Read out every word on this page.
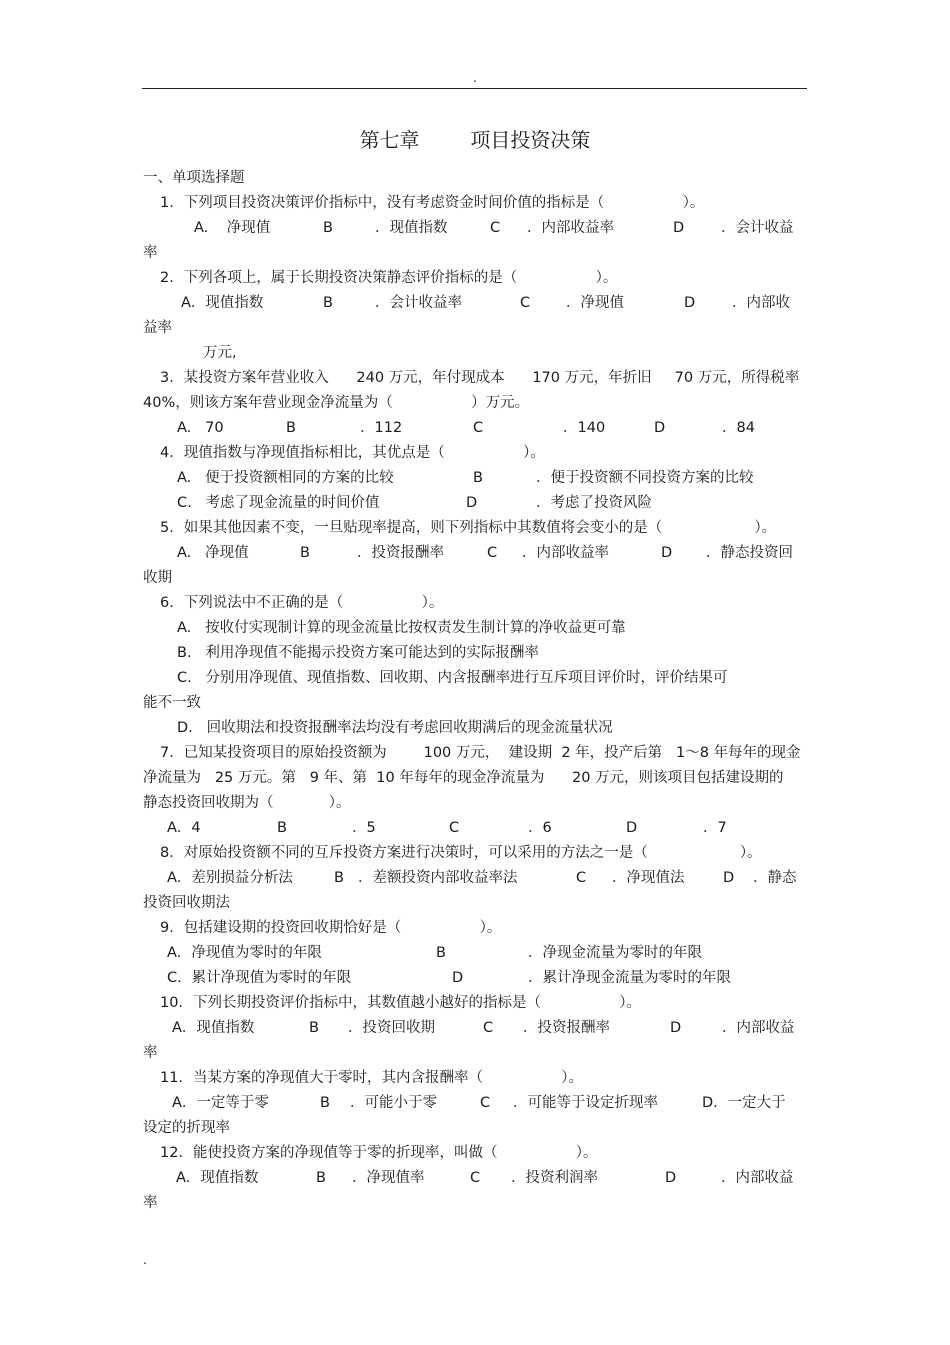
.
第七章        项目投资决策
一、单项选择题
1．下列项目投资决策评价指标中，没有考虑资金时间价值的指标是（                 ）。
A.    净现值	B	．现值指数	C ．内部收益率	D	．会计收益
率
2．下列各项上，属于长期投资决策静态评价指标的是（                 ）。
A．现值指数	B	．会计收益率	C ．净现值	D	．内部收
益率
万元,
3．某投资方案年营业收入      240 万元，年付现成本      170 万元，年折旧     70 万元，所得税率
40%，则该方案年营业现金净流量为（                 ）万元。
A.   70	B	．112	C	．140	D	．84
4．现值指数与净现值指标相比，其优点是（                 ）。
A.   便于投资额相同的方案的比较	B	．便于投资额不同投资方案的比较
C.   考虑了现金流量的时间价值	D	．考虑了投资风险
5．如果其他因素不变，一旦贴现率提高，则下列指标中其数值将会变小的是（                    ）。
A.   净现值	B	．投资报酬率	C ．内部收益率	D ．静态投资回
收期
6．下列说法中不正确的是（                 ）。
A.   按收付实现制计算的现金流量比按权责发生制计算的净收益更可靠
B.   利用净现值不能揭示投资方案可能达到的实际报酬率
C.   分别用净现值、现值指数、回收期、内含报酬率进行互斥项目评价时，评价结果可
能不一致
D.   回收期法和投资报酬率法均没有考虑回收期满后的现金流量状况
7．已知某投资项目的原始投资额为        100 万元，  建设期  2 年，投产后第   1～8 年每年的现金
净流量为   25 万元。第   9 年、第  10 年每年的现金净流量为      20 万元，则该项目包括建设期的
静态投资回收期为（            ）。
A．4	B	．5	C	．6	D	．7
8．对原始投资额不同的互斥投资方案进行决策时，可以采用的方法之一是（                    ）。
A．差别损益分析法	B ．差额投资内部收益率法	C ．净现值法	D ．静态
投资回收期法
9．包括建设期的投资回收期恰好是（                 ）。
A．净现值为零时的年限	B	．净现金流量为零时的年限
C．累计净现值为零时的年限	D	．累计净现金流量为零时的年限
10．下列长期投资评价指标中，其数值越小越好的指标是（                 ）。
A．现值指数	B ．投资回收期	C ．投资报酬率	D	．内部收益
率
11．当某方案的净现值大于零时，其内含报酬率（                 ）。
A．一定等于零	B ．可能小于零	C ．可能等于设定折现率	D．一定大于
设定的折现率
12．能使投资方案的净现值等于零的折现率，叫做（                 ）。
A．现值指数	B ．净现值率	C ．投资利润率	D	．内部收益
率
.
